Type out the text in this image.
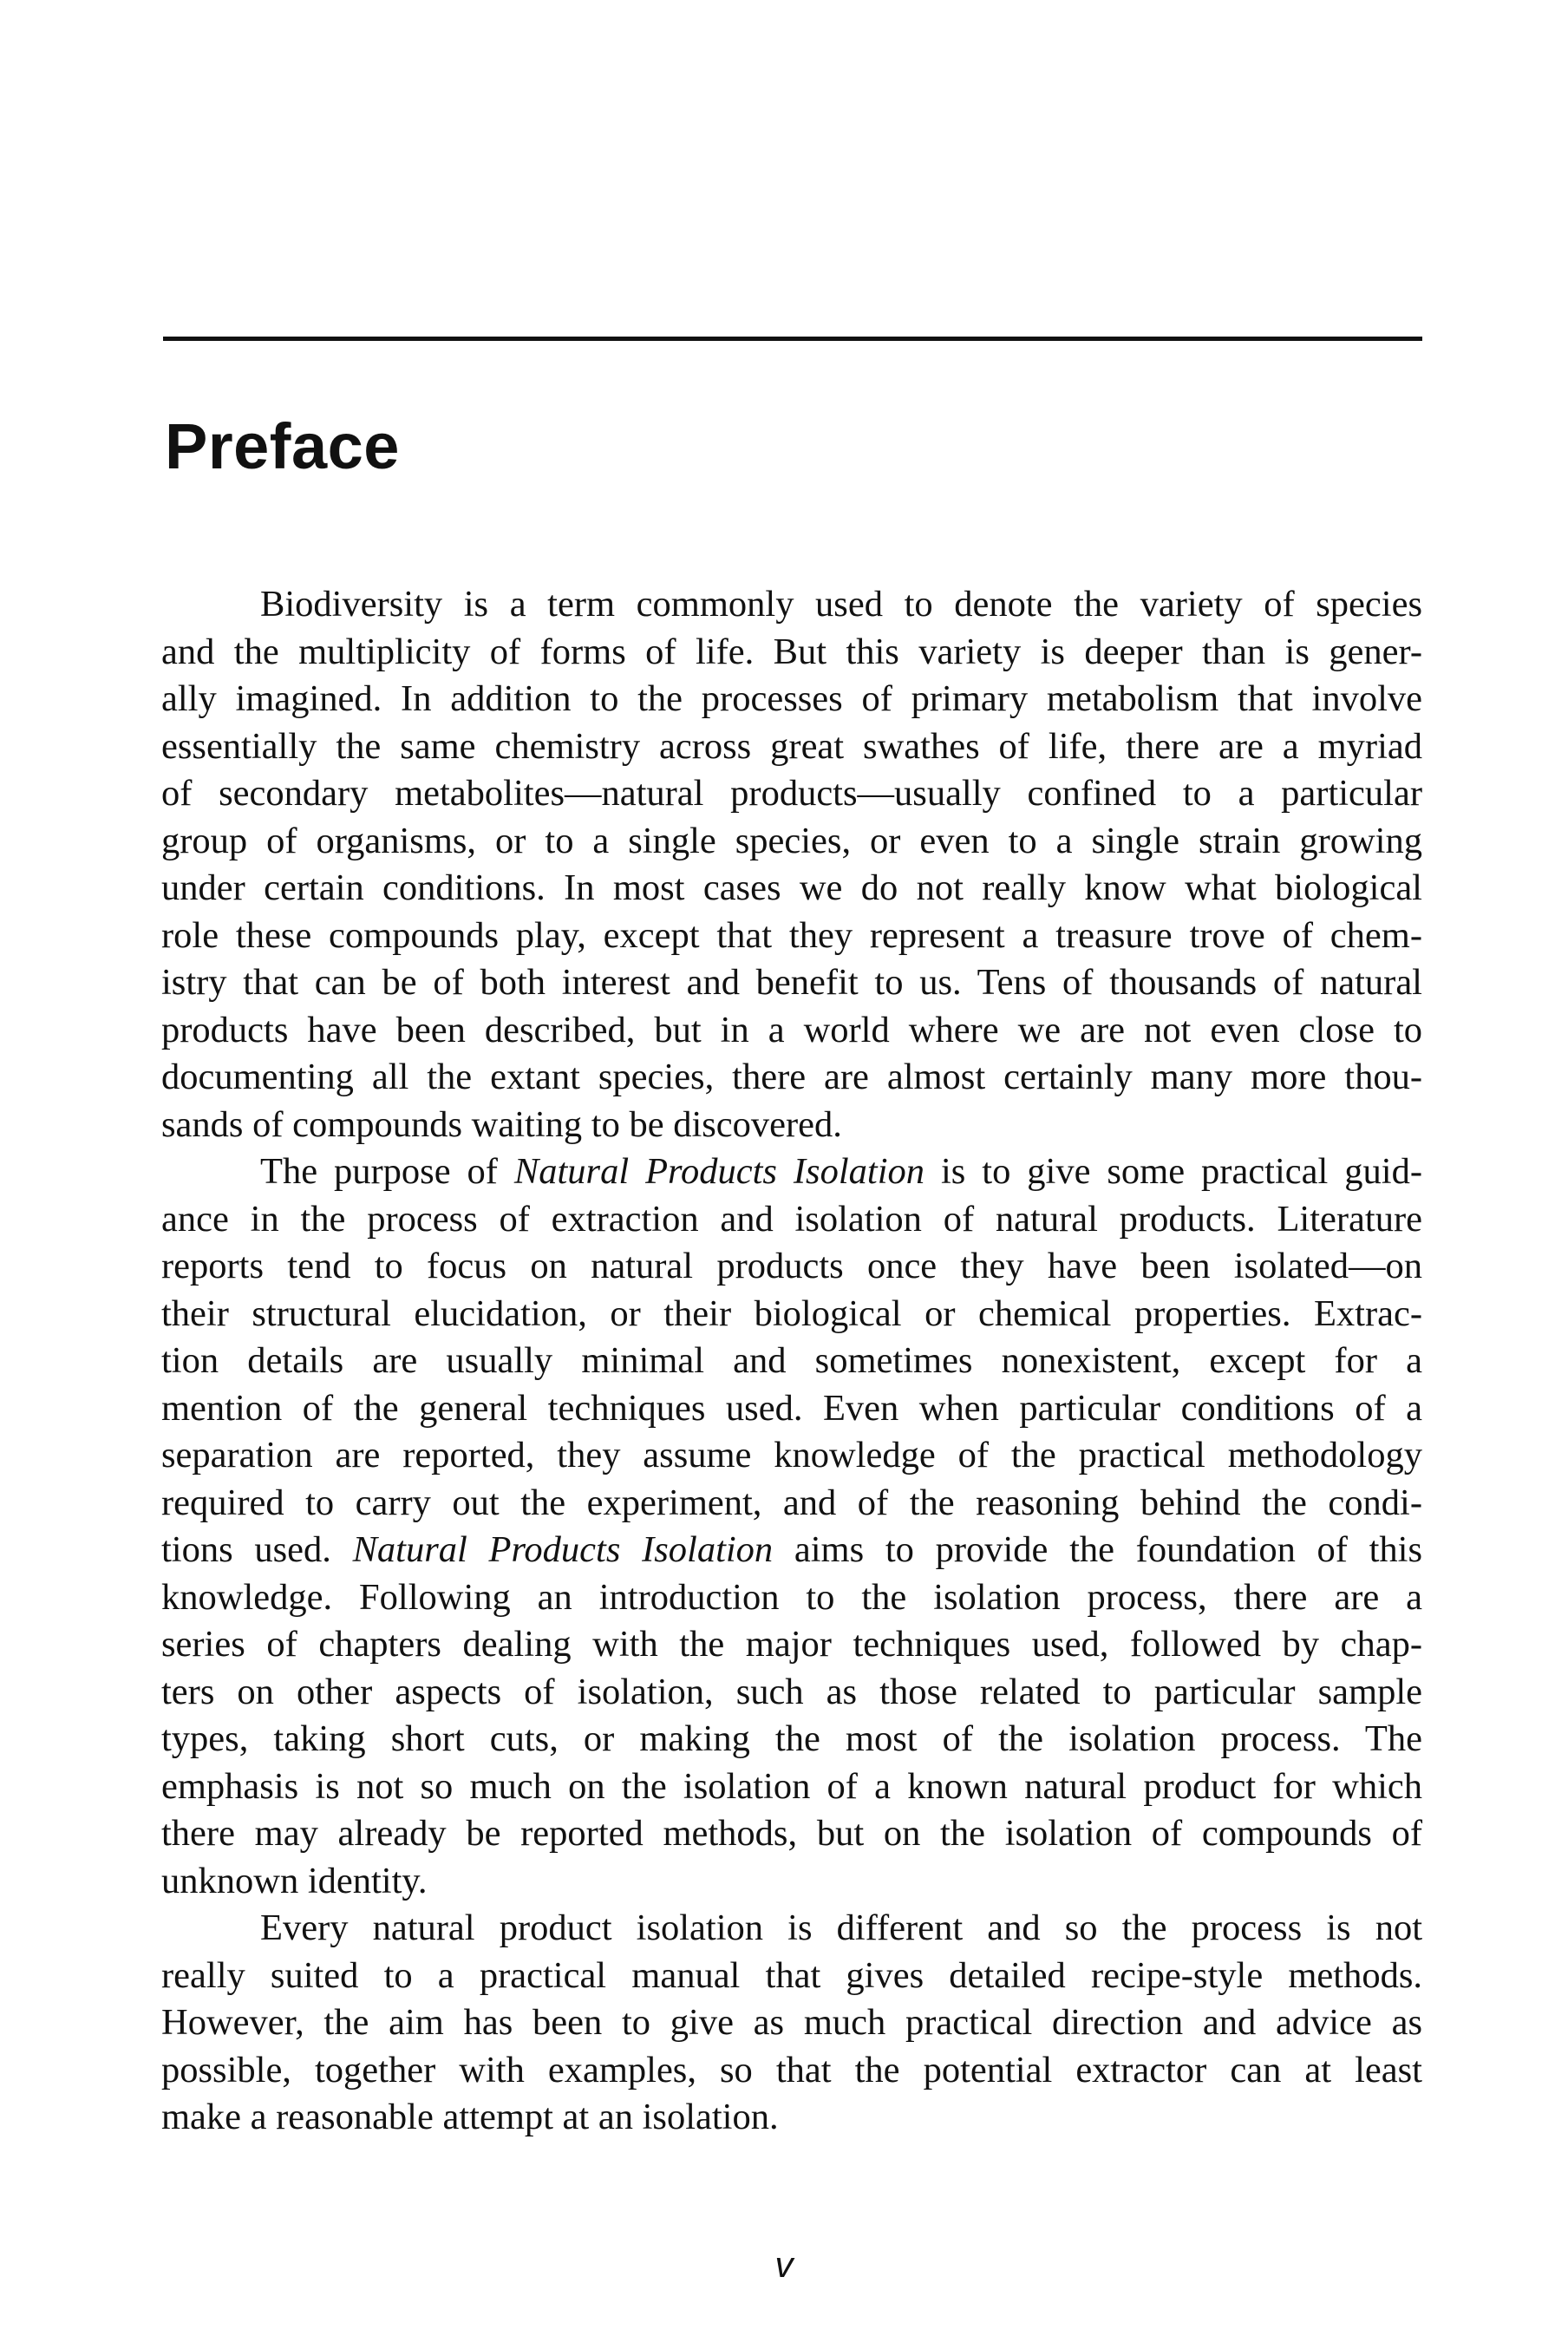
Preface

Biodiversity is a term commonly used to denote the variety of species
and the multiplicity of forms of life. But this variety is deeper than is gener-
ally imagined. In addition to the processes of primary metabolism that involve
essentially the same chemistry across great swathes of life, there are a myriad
of secondary metabolites—natural products—usually confined to a particular
group of organisms, or to a single species, or even to a single strain growing
under certain conditions. In most cases we do not really know what biological
role these compounds play, except that they represent a treasure trove of chem-
istry that can be of both interest and benefit to us. Tens of thousands of natural
products have been described, but in a world where we are not even close to
documenting all the extant species, there are almost certainly many more thou-
sands of compounds waiting to be discovered.

The purpose of Natural Products Isolation is to give some practical guid-
ance in the process of extraction and isolation of natural products. Literature
reports tend to focus on natural products once they have been isolated—on
their structural elucidation, or their biological or chemical properties. Extrac-
tion details are usually minimal and sometimes nonexistent, except for a
mention of the general techniques used. Even when particular conditions of a
separation are reported, they assume knowledge of the practical methodology
required to carry out the experiment, and of the reasoning behind the condi-
tions used. Natural Products Isolation aims to provide the foundation of this
knowledge. Following an introduction to the isolation process, there are a
series of chapters dealing with the major techniques used, followed by chap-
ters on other aspects of isolation, such as those related to particular sample
types, taking short cuts, or making the most of the isolation process. The
emphasis is not so much on the isolation of a known natural product for which
there may already be reported methods, but on the isolation of compounds of
unknown identity.

Every natural product isolation is different and so the process is not
really suited to a practical manual that gives detailed recipe-style methods.
However, the aim has been to give as much practical direction and advice as
possible, together with examples, so that the potential extractor can at least
make a reasonable attempt at an isolation.

v
